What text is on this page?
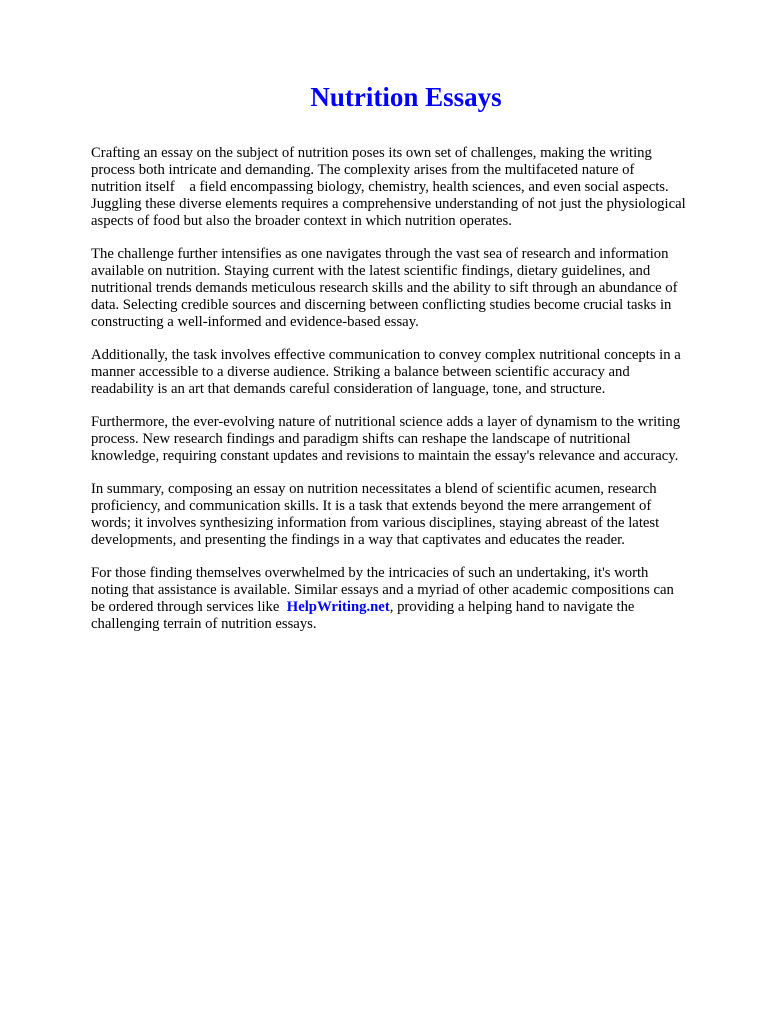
Nutrition Essays

Crafting an essay on the subject of nutrition poses its own set of challenges, making the writing
process both intricate and demanding. The complexity arises from the multifaceted nature of
nutrition itself    a field encompassing biology, chemistry, health sciences, and even social aspects.
Juggling these diverse elements requires a comprehensive understanding of not just the physiological
aspects of food but also the broader context in which nutrition operates.

The challenge further intensifies as one navigates through the vast sea of research and information
available on nutrition. Staying current with the latest scientific findings, dietary guidelines, and
nutritional trends demands meticulous research skills and the ability to sift through an abundance of
data. Selecting credible sources and discerning between conflicting studies become crucial tasks in
constructing a well-informed and evidence-based essay.

Additionally, the task involves effective communication to convey complex nutritional concepts in a
manner accessible to a diverse audience. Striking a balance between scientific accuracy and
readability is an art that demands careful consideration of language, tone, and structure.

Furthermore, the ever-evolving nature of nutritional science adds a layer of dynamism to the writing
process. New research findings and paradigm shifts can reshape the landscape of nutritional
knowledge, requiring constant updates and revisions to maintain the essay's relevance and accuracy.

In summary, composing an essay on nutrition necessitates a blend of scientific acumen, research
proficiency, and communication skills. It is a task that extends beyond the mere arrangement of
words; it involves synthesizing information from various disciplines, staying abreast of the latest
developments, and presenting the findings in a way that captivates and educates the reader.

For those finding themselves overwhelmed by the intricacies of such an undertaking, it's worth
noting that assistance is available. Similar essays and a myriad of other academic compositions can
be ordered through services like  HelpWriting.net, providing a helping hand to navigate the
challenging terrain of nutrition essays.
